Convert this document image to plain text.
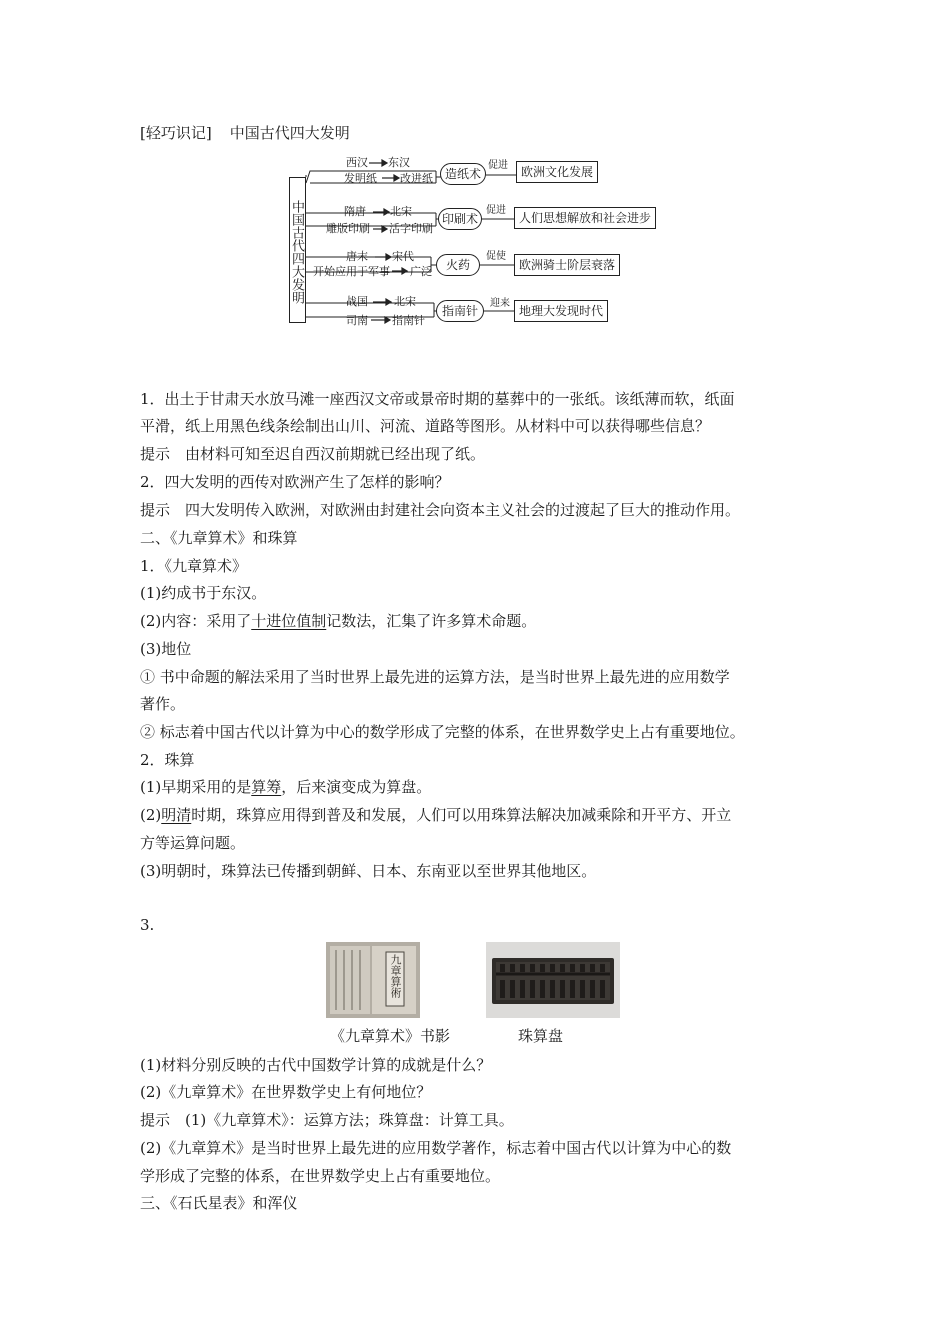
[轻巧识记] 中国古代四大发明
中国古代四大发明
西汉 东汉
发明纸 改进纸 造纸术
促进	欧洲文化发展
隋唐 北宋
雕版印刷 活字印刷
印刷术
促进
人们思想解放和社会进步
唐末 宋代
开始应用于军事 广泛	火药
促使
欧洲骑士阶层衰落
战国 北宋
司南 指南针
指南针
迎来
地理大发现时代
1．出土于甘肃天水放马滩一座西汉文帝或景帝时期的墓葬中的一张纸。该纸薄而软，纸面
平滑，纸上用黑色线条绘制出山川、河流、道路等图形。从材料中可以获得哪些信息？
提示　由材料可知至迟自西汉前期就已经出现了纸。
2．四大发明的西传对欧洲产生了怎样的影响？
提示　四大发明传入欧洲，对欧洲由封建社会向资本主义社会的过渡起了巨大的推动作用。
二、《九章算术》和珠算
1．《九章算术》
(1)约成书于东汉。
(2)内容：采用了十进位值制记数法，汇集了许多算术命题。
(3)地位
① 书中命题的解法采用了当时世界上最先进的运算方法，是当时世界上最先进的应用数学
著作。
② 标志着中国古代以计算为中心的数学形成了完整的体系，在世界数学史上占有重要地位。
2．珠算
(1)早期采用的是算筹，后来演变成为算盘。
(2)明清时期，珠算应用得到普及和发展，人们可以用珠算法解决加减乘除和开平方、开立
方等运算问题。
(3)明朝时，珠算法已传播到朝鲜、日本、东南亚以至世界其他地区。
3.
九章算術
《九章算术》书影	珠算盘
(1)材料分别反映的古代中国数学计算的成就是什么？
(2)《九章算术》在世界数学史上有何地位？
提示　(1)《九章算术》：运算方法；珠算盘：计算工具。
(2)《九章算术》是当时世界上最先进的应用数学著作，标志着中国古代以计算为中心的数
学形成了完整的体系，在世界数学史上占有重要地位。
三、《石氏星表》和浑仪
